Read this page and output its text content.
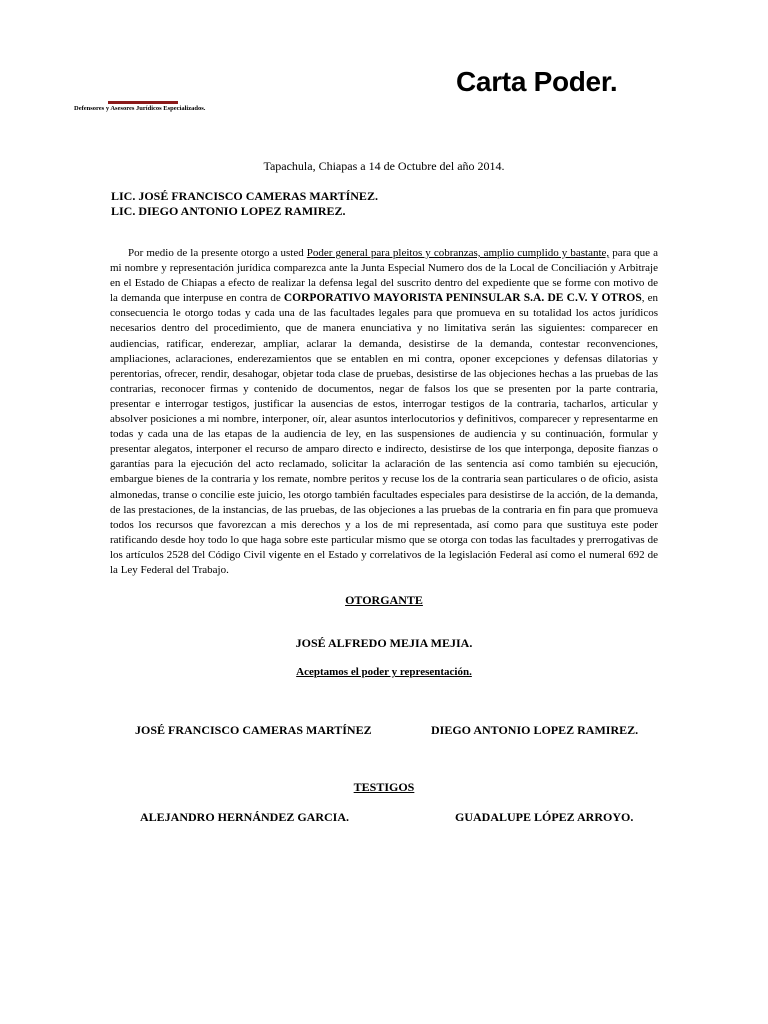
Defensores y Asesores Jurídicos Especializados.
Carta Poder.
Tapachula, Chiapas a 14 de Octubre del año 2014.
LIC. JOSÉ FRANCISCO CAMERAS MARTÍNEZ.
LIC. DIEGO ANTONIO LOPEZ RAMIREZ.
Por medio de la presente otorgo a usted Poder general para pleitos y cobranzas, amplio cumplido y bastante, para que a mi nombre y representación jurídica comparezca ante la Junta Especial Numero dos de la Local de Conciliación y Arbitraje en el Estado de Chiapas a efecto de realizar la defensa legal del suscrito dentro del expediente que se forme con motivo de la demanda que interpuse en contra de CORPORATIVO MAYORISTA PENINSULAR S.A. DE C.V. Y OTROS, en consecuencia le otorgo todas y cada una de las facultades legales para que promueva en su totalidad los actos jurídicos necesarios dentro del procedimiento, que de manera enunciativa y no limitativa serán las siguientes: comparecer en audiencias, ratificar, enderezar, ampliar, aclarar la demanda, desistirse de la demanda, contestar reconvenciones, ampliaciones, aclaraciones, enderezamientos que se entablen en mi contra, oponer excepciones y defensas dilatorias y perentorias, ofrecer, rendir, desahogar, objetar toda clase de pruebas, desistirse de las objeciones hechas a las pruebas de las contrarias, reconocer firmas y contenido de documentos, negar de falsos los que se presenten por la parte contraria, presentar e interrogar testigos, justificar la ausencias de estos, interrogar testigos de la contraria, tacharlos, articular y absolver posiciones a mi nombre, interponer, oír, alear asuntos interlocutorios y definitivos, comparecer y representarme en todas y cada una de las etapas de la audiencia de ley, en las suspensiones de audiencia y su continuación, formular y presentar alegatos, interponer el recurso de amparo directo e indirecto, desistirse de los que interponga, deposite fianzas o garantías para la ejecución del acto reclamado, solicitar la aclaración de las sentencia así como también su ejecución, embargue bienes de la contraria y los remate, nombre peritos y recuse los de la contraria sean particulares o de oficio, asista almonedas, transe o concilie este juicio, les otorgo también facultades especiales para desistirse de la acción, de la demanda, de las prestaciones, de la instancias, de las pruebas, de las objeciones a las pruebas de la contraria en fin para que promueva todos los recursos que favorezcan a mis derechos y a los de mi representada, así como para que sustituya este poder ratificando desde hoy todo lo que haga sobre este particular mismo que se otorga con todas las facultades y prerrogativas de los artículos 2528 del Código Civil vigente en el Estado y correlativos de la legislación Federal así como el numeral 692 de la Ley Federal del Trabajo.
OTORGANTE
JOSÉ ALFREDO MEJIA MEJIA.
Aceptamos el poder y representación.
JOSÉ FRANCISCO CAMERAS MARTÍNEZ	DIEGO ANTONIO LOPEZ RAMIREZ.
TESTIGOS
ALEJANDRO HERNÁNDEZ GARCIA.	GUADALUPE LÓPEZ ARROYO.
